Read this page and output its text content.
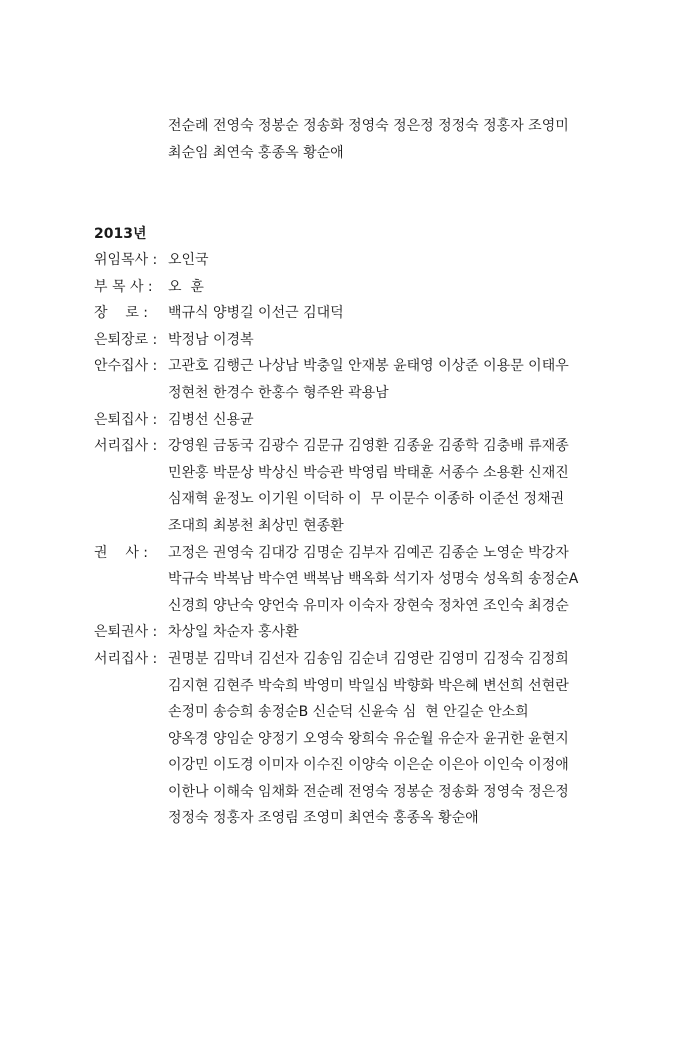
전순례 전영숙 정봉순 정송화 정영숙 정은정 정정숙 정홍자 조영미
최순임 최연숙 홍종옥 황순애
2013년
위임목사 : 오인국
부 목 사 : 오  훈
장    로 :	백규식 양병길 이선근 김대덕
은퇴장로 : 박정남 이경복
안수집사 : 고관호 김행근 나상남 박충일 안재봉 윤태영 이상준 이용문 이태우
정현천 한경수 한홍수 형주완 곽용남
은퇴집사 : 김병선 신용균
서리집사 : 강영원 금동국 김광수 김문규 김영환 김종윤 김종학 김충배 류재종
민완홍 박문상 박상신 박승관 박영림 박태훈 서종수 소용환 신재진
심재혁 윤정노 이기원 이덕하 이  무 이문수 이종하 이준선 정채권
조대희 최봉천 최상민 현종환
권    사 :	고정은 권영숙 김대강 김명순 김부자 김예곤 김종순 노영순 박강자
박규숙 박복남 박수연 백복남 백옥화 석기자 성명숙 성옥희 송정순A
신경희 양난숙 양언숙 유미자 이숙자 장현숙 정차연 조인숙 최경순
은퇴권사 : 차상일 차순자 홍사환
서리집사 : 권명분 김막녀 김선자 김송임 김순녀 김영란 김영미 김정숙 김정희
김지현 김현주 박숙희 박영미 박일심 박향화 박은혜 변선희 선현란
손정미 송승희 송정순B 신순덕 신윤숙 심  현 안길순 안소희
양옥경 양임순 양정기 오영숙 왕희숙 유순월 유순자 윤귀한 윤현지
이강민 이도경 이미자 이수진 이양숙 이은순 이은아 이인숙 이정애
이한나 이해숙 임채화 전순례 전영숙 정봉순 정송화 정영숙 정은정
정정숙 정홍자 조영림 조영미 최연숙 홍종옥 황순애
